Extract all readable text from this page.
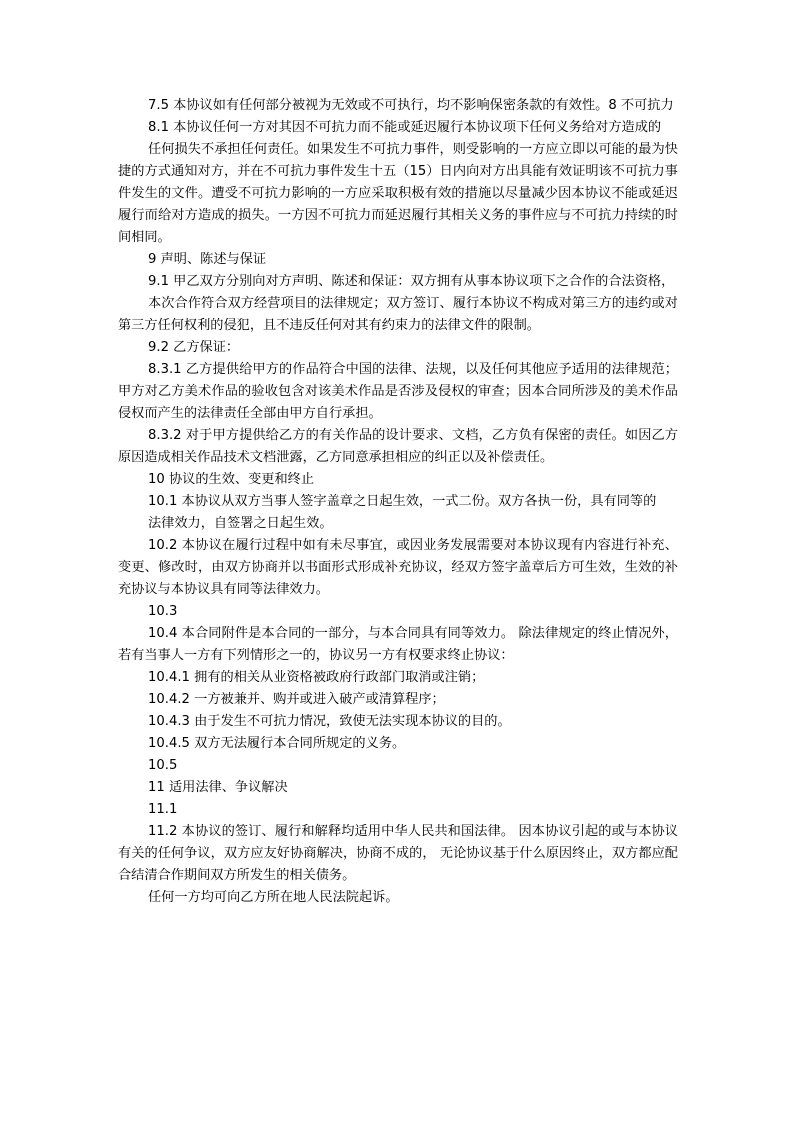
7.5 本协议如有任何部分被视为无效或不可执行，均不影响保密条款的有效性。8 不可抗力

8.1 本协议任何一方对其因不可抗力而不能或延迟履行本协议项下任何义务给对方造成的

任何损失不承担任何责任。如果发生不可抗力事件，则受影响的一方应立即以可能的最为快捷的方式通知对方，并在不可抗力事件发生十五（15）日内向对方出具能有效证明该不可抗力事件发生的文件。遭受不可抗力影响的一方应采取积极有效的措施以尽量减少因本协议不能或延迟履行而给对方造成的损失。一方因不可抗力而延迟履行其相关义务的事件应与不可抗力持续的时间相同。

9 声明、陈述与保证

9.1 甲乙双方分别向对方声明、陈述和保证：双方拥有从事本协议项下之合作的合法资格，

本次合作符合双方经营项目的法律规定；双方签订、履行本协议不构成对第三方的违约或对第三方任何权利的侵犯，且不违反任何对其有约束力的法律文件的限制。

9.2 乙方保证：

8.3.1 乙方提供给甲方的作品符合中国的法律、法规，以及任何其他应予适用的法律规范；甲方对乙方美术作品的验收包含对该美术作品是否涉及侵权的审查；因本合同所涉及的美术作品侵权而产生的法律责任全部由甲方自行承担。

8.3.2 对于甲方提供给乙方的有关作品的设计要求、文档，乙方负有保密的责任。如因乙方原因造成相关作品技术文档泄露，乙方同意承担相应的纠正以及补偿责任。

10 协议的生效、变更和终止

10.1 本协议从双方当事人签字盖章之日起生效，一式二份。双方各执一份，具有同等的

法律效力，自签署之日起生效。

10.2 本协议在履行过程中如有未尽事宜，或因业务发展需要对本协议现有内容进行补充、变更、修改时，由双方协商并以书面形式形成补充协议，经双方签字盖章后方可生效，生效的补充协议与本协议具有同等法律效力。

10.3

10.4 本合同附件是本合同的一部分，与本合同具有同等效力。 除法律规定的终止情况外，若有当事人一方有下列情形之一的，协议另一方有权要求终止协议：

10.4.1 拥有的相关从业资格被政府行政部门取消或注销；

10.4.2 一方被兼并、购并或进入破产或清算程序；

10.4.3 由于发生不可抗力情况，致使无法实现本协议的目的。

10.4.5 双方无法履行本合同所规定的义务。

10.5

11 适用法律、争议解决

11.1

11.2 本协议的签订、履行和解释均适用中华人民共和国法律。 因本协议引起的或与本协议有关的任何争议，双方应友好协商解决，协商不成的， 无论协议基于什么原因终止，双方都应配合结清合作期间双方所发生的相关债务。

任何一方均可向乙方所在地人民法院起诉。
